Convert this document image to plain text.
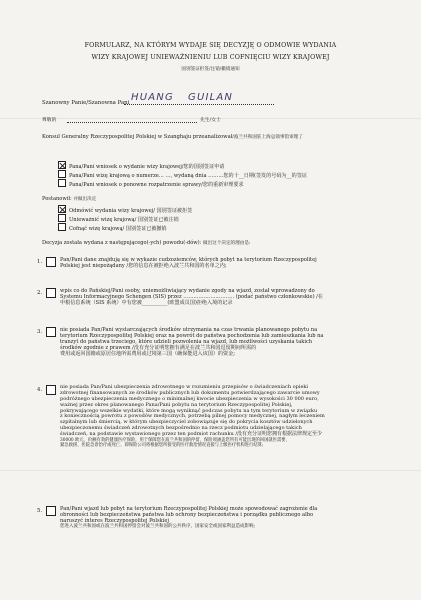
FORMULARZ, NA KTÓRYM WYDAJE SIĘ DECYZJĘ O ODMOWIE WYDANIA
WIZY KRAJOWEJ UNIEWAŻNIENIU LUB COFNIĘCIU WIZY KRAJOWEJ
国别签证拒签/注销/撤销通知
Szanowny Panie/Szanowna Pani HUANG GUILAN
尊敬的	先生/女士
Konsul Generalny Rzeczypospolitej Polskiej w Szanghaju przeanalizował/波兰共和国驻上海总领事馆审理了
Pana/Pani wniosek o wydanie wizy krajowej/您的国别签证申请
Pana/Pani wizę krajową o numerze… …, wydaną dnia ………您的十__日期(签发的号码为__的签证
Pana/Pani wniosek o ponowne rozpatrzenie sprawy/您的重新审理要求
Postanowił: 并做出决定
Odmówić wydania wizy krajowej/ 国别签证被拒签
Unieważnić wizę krajową/ 国别签证已被注销
Cofnąć wizę krajową/ 国别签证已被撤销
Decyzja została wydana z następującego(-ych) powodu(-dów): 做出这个决定的理由是:
1.	Pan/Pani dane znajdują się w wykazie cudzoziemców, których pobyt na terytorium Rzeczypospolitej
Polskiej jest niepożądany /您的信息在被拒绝入波兰共和国的名单之内;
2.	wpis co do Pańskiej/Pani osoby, uniemożliwiający wydanie zgody na wjazd, został wprowadzony do
Systemu Informacyjnego Schengen (SIS) przez ………………………… (podać państwo członkowskie) /在
申根信息系统（SIS 系统）中有您被__________(欧盟成员国)拒绝入境的记录
3.	nie posiada Pan/Pani wystarczających środków utrzymania na czas trwania planowanego pobytu na
terytorium Rzeczypospolitej Polskiej oraz na powrót do państwa pochodzenia lub zamieszkania lub na
tranzyt do państwa trzeciego, które udzieli pozwolenia na wjazd, lub możliwości uzyskania takich
środków zgodnie z prawem /没有充分证明您拥有满足在波兰共和国逗留期间所需的
费用或返回国籍或原居住地所需费用或过境第三国（确保能进入该国）的资金;
4.	nie posiada Pan/Pani ubezpieczenia zdrowotnego w rozumieniu przepisów o świadczeniach opieki
zdrowotnej finansowanych ze środków publicznych lub dokumentu potwierdzającego zawarcie umowy
podróżnego ubezpieczenia medycznego o minimalnej kwocie ubezpieczenia w wysokości 30 000 euro,
ważnej przez okres planowanego Pana/Pani pobytu na terytorium Rzeczypospolitej Polskiej,
pokrywającego wszelkie wydatki, które mogą wyniknąć podczas pobytu na tym terytorium w związku
z koniecznością powrotu z powodów medycznych, potrzebą pilnej pomocy medycznej, nagłym leczeniem
szpitalnym lub śmiercią, w którym ubezpieczyciel zobowiązuje się do pokrycia kosztów udzielonych
ubezpieczonemu świadczeń zdrowotnych bezpośrednio na rzecz podmiotu udzielającego takich
świadczeń, na podstawie wystawionego przez ten podmiot rachunku /没有充分证明您拥有根据法律规定至少
30000 欧元、价额有效的健康医疗保险，用于保障您在波兰共和国的停留、保险须涵盖您所有可能出现的回国就医需要、
紧急救援、医院急诊治疗或死亡、即保险公司将根据您所接受的医疗救治情况直接与上级医疗机构进行结算;
5.	Pan/Pani wjazd lub pobyt na terytorium Rzeczypospolitej Polskiej może spowodować zagrożenie dla
obronności lub bezpieczeństwa państwa lub ochrony bezpieczeństwa i porządku publicznego albo
naruszyć interes Rzeczypospolitej Polskiej
您进入波兰共和国或在波兰共和国停留会对波兰共和国的公共秩序，国家安全或国家利益造成影响;
